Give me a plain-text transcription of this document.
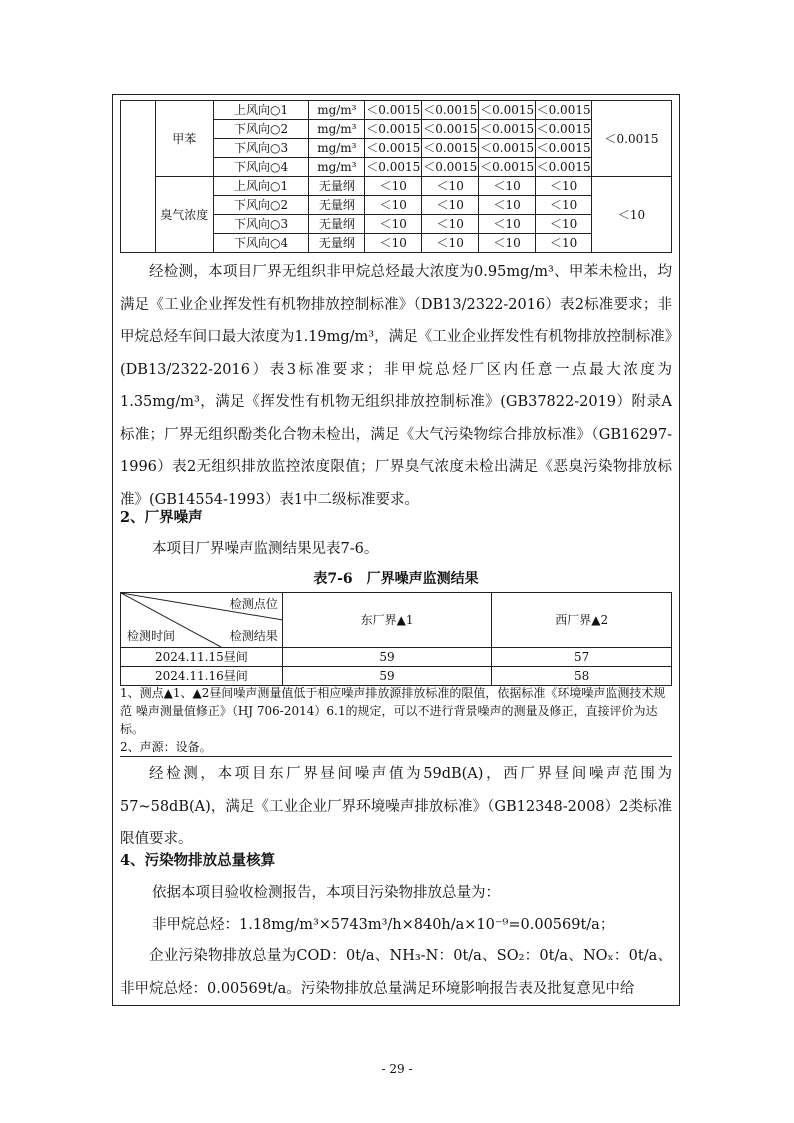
	甲苯	上风向○1	mg/m³	＜0.0015	＜0.0015	＜0.0015	＜0.0015	＜0.0015
		下风向○2	mg/m³	＜0.0015	＜0.0015	＜0.0015	＜0.0015	
		下风向○3	mg/m³	＜0.0015	＜0.0015	＜0.0015	＜0.0015	
		下风向○4	mg/m³	＜0.0015	＜0.0015	＜0.0015	＜0.0015	
	臭气浓度	上风向○1	无量纲	＜10	＜10	＜10	＜10	＜10
		下风向○2	无量纲	＜10	＜10	＜10	＜10	
		下风向○3	无量纲	＜10	＜10	＜10	＜10	
		下风向○4	无量纲	＜10	＜10	＜10	＜10	

经检测，本项目厂界无组织非甲烷总烃最大浓度为0.95mg/m³、甲苯未检出，均满足《工业企业挥发性有机物排放控制标准》（DB13/2322-2016）表2标准要求；非甲烷总烃车间口最大浓度为1.19mg/m³，满足《工业企业挥发性有机物排放控制标准》(DB13/2322-2016）表3标准要求；非甲烷总烃厂区内任意一点最大浓度为1.35mg/m³，满足《挥发性有机物无组织排放控制标准》(GB37822-2019）附录A标准；厂界无组织酚类化合物未检出，满足《大气污染物综合排放标准》（GB16297-1996）表2无组织排放监控浓度限值；厂界臭气浓度未检出满足《恶臭污染物排放标准》(GB14554-1993）表1中二级标准要求。

2、厂界噪声

本项目厂界噪声监测结果见表7-6。

表7-6　厂界噪声监测结果

检测点位
检测结果
检测时间	东厂界▲1	西厂界▲2
2024.11.15昼间	59	57
2024.11.16昼间	59	58
1、测点▲1、▲2昼间噪声测量值低于相应噪声排放源排放标准的限值，依据标准《环境噪声监测技术规范 噪声测量值修正》（HJ 706-2014）6.1的规定，可以不进行背景噪声的测量及修正，直接评价为达标。
2、声源：设备。

经检测，本项目东厂界昼间噪声值为59dB(A)，西厂界昼间噪声范围为57~58dB(A)，满足《工业企业厂界环境噪声排放标准》（GB12348-2008）2类标准限值要求。

4、污染物排放总量核算

依据本项目验收检测报告，本项目污染物排放总量为：

非甲烷总烃：1.18mg/m³×5743m³/h×840h/a×10⁻⁹=0.00569t/a；

企业污染物排放总量为COD：0t/a、NH₃-N：0t/a、SO₂：0t/a、NOₓ：0t/a、非甲烷总烃：0.00569t/a。污染物排放总量满足环境影响报告表及批复意见中给

- 29 -
